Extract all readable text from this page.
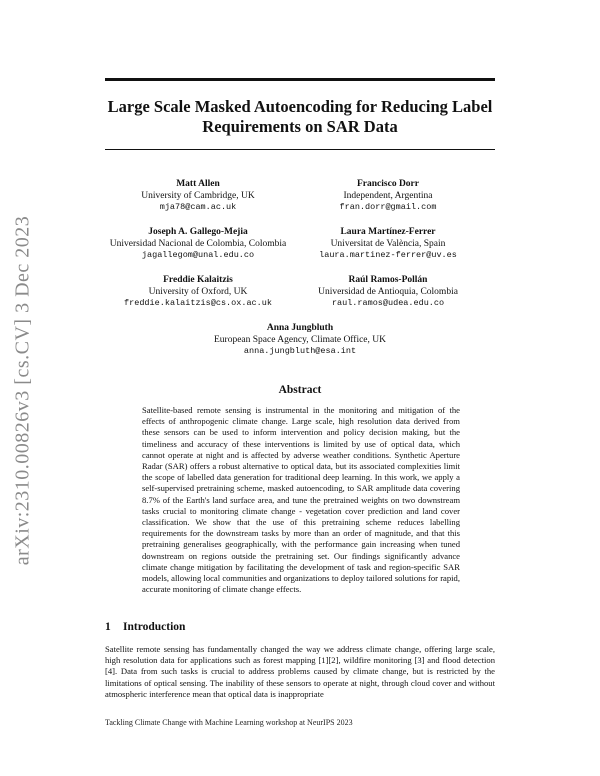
arXiv:2310.00826v3 [cs.CV] 3 Dec 2023
Large Scale Masked Autoencoding for Reducing Label Requirements on SAR Data
Matt Allen
University of Cambridge, UK
mja78@cam.ac.uk
Francisco Dorr
Independent, Argentina
fran.dorr@gmail.com
Joseph A. Gallego-Mejia
Universidad Nacional de Colombia, Colombia
jagallegom@unal.edu.co
Laura Martínez-Ferrer
Universitat de València, Spain
laura.martinez-ferrer@uv.es
Freddie Kalaitzis
University of Oxford, UK
freddie.kalaitzis@cs.ox.ac.uk
Raúl Ramos-Pollán
Universidad de Antioquia, Colombia
raul.ramos@udea.edu.co
Anna Jungbluth
European Space Agency, Climate Office, UK
anna.jungbluth@esa.int
Abstract
Satellite-based remote sensing is instrumental in the monitoring and mitigation of the effects of anthropogenic climate change. Large scale, high resolution data derived from these sensors can be used to inform intervention and policy decision making, but the timeliness and accuracy of these interventions is limited by use of optical data, which cannot operate at night and is affected by adverse weather conditions. Synthetic Aperture Radar (SAR) offers a robust alternative to optical data, but its associated complexities limit the scope of labelled data generation for traditional deep learning. In this work, we apply a self-supervised pretraining scheme, masked autoencoding, to SAR amplitude data covering 8.7% of the Earth's land surface area, and tune the pretrained weights on two downstream tasks crucial to monitoring climate change - vegetation cover prediction and land cover classification. We show that the use of this pretraining scheme reduces labelling requirements for the downstream tasks by more than an order of magnitude, and that this pretraining generalises geographically, with the performance gain increasing when tuned downstream on regions outside the pretraining set. Our findings significantly advance climate change mitigation by facilitating the development of task and region-specific SAR models, allowing local communities and organizations to deploy tailored solutions for rapid, accurate monitoring of climate change effects.
1 Introduction
Satellite remote sensing has fundamentally changed the way we address climate change, offering large scale, high resolution data for applications such as forest mapping [1][2], wildfire monitoring [3] and flood detection [4]. Data from such tasks is crucial to address problems caused by climate change, but is restricted by the limitations of optical sensing. The inability of these sensors to operate at night, through cloud cover and without atmospheric interference mean that optical data is inappropriate
Tackling Climate Change with Machine Learning workshop at NeurIPS 2023
